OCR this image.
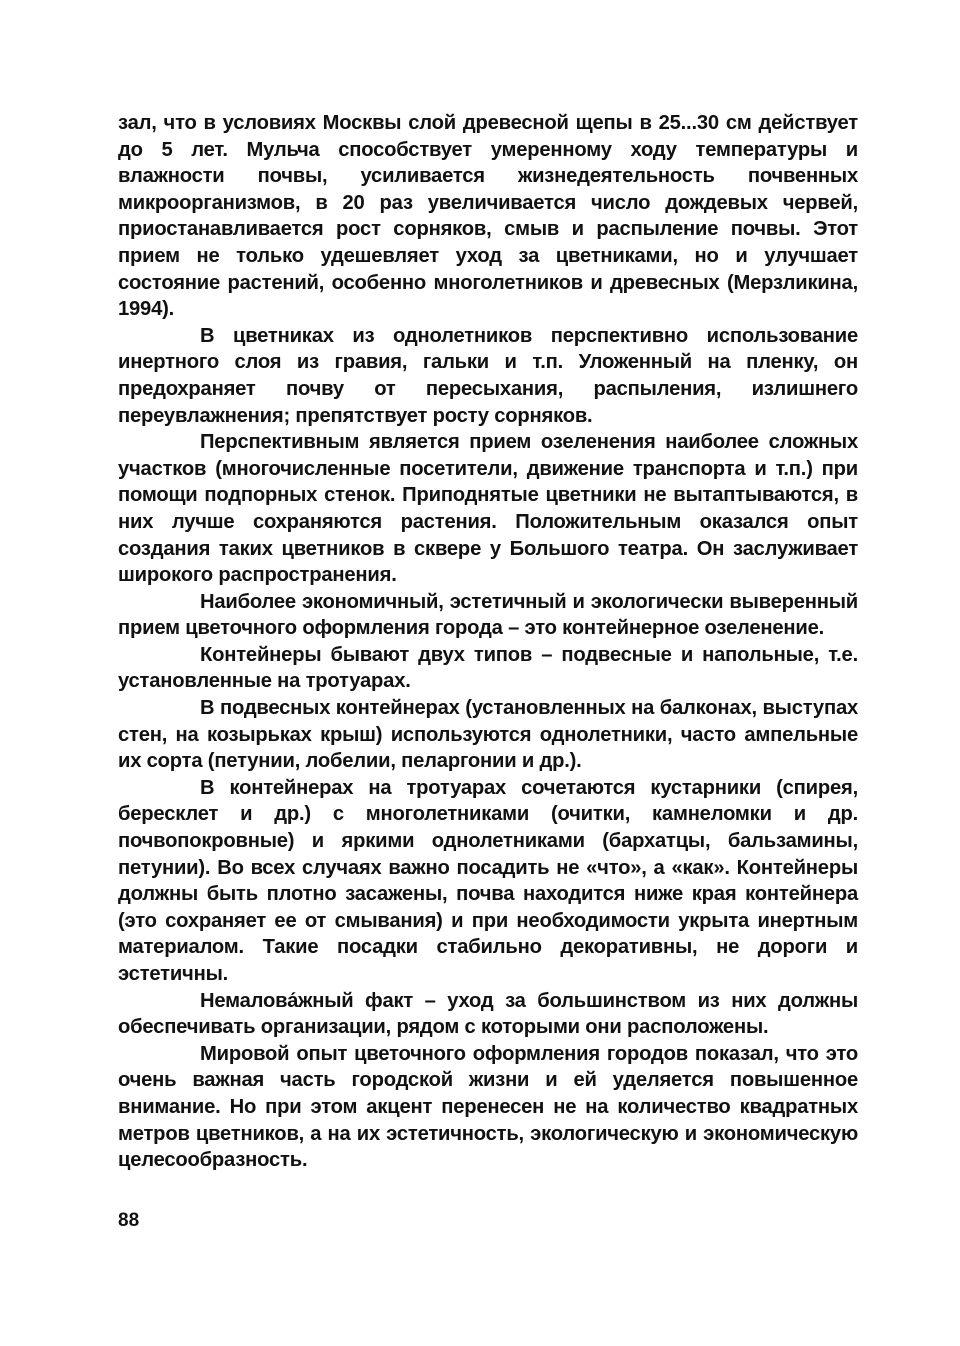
зал, что в условиях Москвы слой древесной щепы в 25...30 см действует до 5 лет. Мульча способствует умеренному ходу температуры и влажности почвы, усиливается жизнедеятельность почвенных микроорганизмов, в 20 раз увеличивается число дождевых червей, приостанавливается рост сорняков, смыв и распыление почвы. Этот прием не только удешевляет уход за цветниками, но и улучшает состояние растений, особенно многолетников и древесных (Мерзликина, 1994).

В цветниках из однолетников перспективно использование инертного слоя из гравия, гальки и т.п. Уложенный на пленку, он предохраняет почву от пересыхания, распыления, излишнего переувлажнения; препятствует росту сорняков.

Перспективным является прием озеленения наиболее сложных участков (многочисленные посетители, движение транспорта и т.п.) при помощи подпорных стенок. Приподнятые цветники не вытаптываются, в них лучше сохраняются растения. Положительным оказался опыт создания таких цветников в сквере у Большого театра. Он заслуживает широкого распространения.

Наиболее экономичный, эстетичный и экологически выверенный прием цветочного оформления города – это контейнерное озеленение.

Контейнеры бывают двух типов – подвесные и напольные, т.е. установленные на тротуарах.

В подвесных контейнерах (установленных на балконах, выступах стен, на козырьках крыш) используются однолетники, часто ампельные их сорта (петунии, лобелии, пеларгонии и др.).

В контейнерах на тротуарах сочетаются кустарники (спирея, бересклет и др.) с многолетниками (очитки, камнеломки и др. почвопокровные) и яркими однолетниками (бархатцы, бальзамины, петунии). Во всех случаях важно посадить не «что», а «как». Контейнеры должны быть плотно засажены, почва находится ниже края контейнера (это сохраняет ее от смывания) и при необходимости укрыта инертным материалом. Такие посадки стабильно декоративны, не дороги и эстетичны.

Немалова́жный факт – уход за большинством из них должны обеспечивать организации, рядом с которыми они расположены.

Мировой опыт цветочного оформления городов показал, что это очень важная часть городской жизни и ей уделяется повышенное внимание. Но при этом акцент перенесен не на количество квадратных метров цветников, а на их эстетичность, экологическую и экономическую целесообразность.

88
